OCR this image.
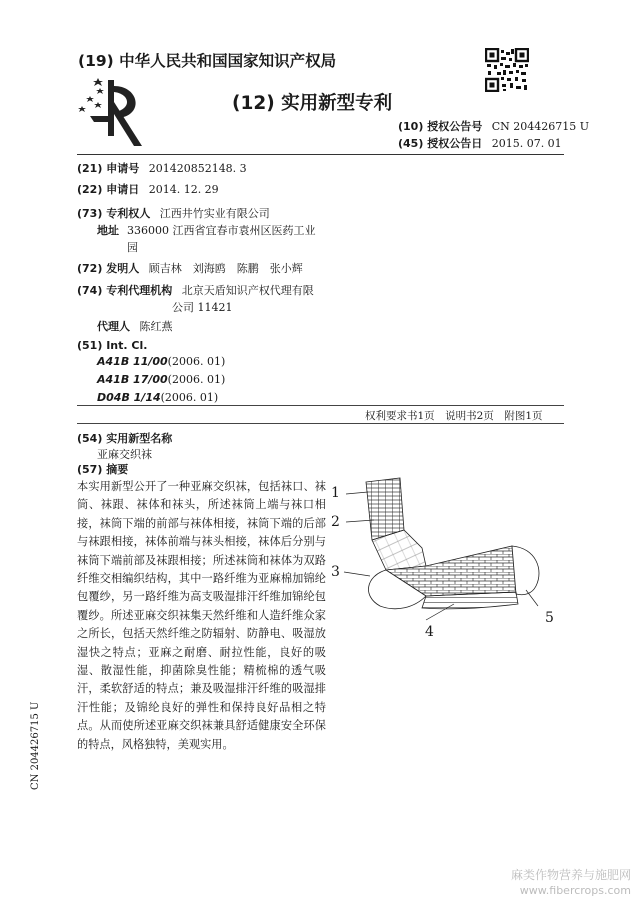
(19) 中华人民共和国国家知识产权局
(12) 实用新型专利
(10) 授权公告号 CN 204426715 U
(45) 授权公告日 2015. 07. 01
(21) 申请号 201420852148. 3
(22) 申请日 2014. 12. 29
(73) 专利权人 江西井竹实业有限公司
地址 336000 江西省宜春市袁州区医药工业
园
(72) 发明人 顾吉林　刘海鸥　陈鹏　张小辉
(74) 专利代理机构 北京天盾知识产权代理有限
公司 11421
代理人 陈红燕
(51) Int. Cl.
A41B 11/00(2006. 01)
A41B 17/00(2006. 01)
D04B 1/14(2006. 01)
权利要求书1页　说明书2页　附图1页
(54) 实用新型名称
亚麻交织袜
(57) 摘要
本实用新型公开了一种亚麻交织袜，包括袜口、袜筒、袜跟、袜体和袜头，所述袜筒上端与袜口相接，袜筒下端的前部与袜体相接，袜筒下端的后部与袜跟相接，袜体前端与袜头相接，袜体后分别与袜筒下端前部及袜跟相接；所述袜筒和袜体为双路纤维交相编织结构，其中一路纤维为亚麻棉加锦纶包覆纱，另一路纤维为高支吸湿排汗纤维加锦纶包覆纱。所述亚麻交织袜集天然纤维和人造纤维众家之所长，包括天然纤维之防辐射、防静电、吸湿放湿快之特点；亚麻之耐磨、耐拉性能，良好的吸湿、散湿性能，抑菌除臭性能；精梳棉的透气吸汗，柔软舒适的特点；兼及吸湿排汗纤维的吸湿排汗性能；及锦纶良好的弹性和保持良好品相之特点。从而使所述亚麻交织袜兼具舒适健康安全环保的特点，风格独特，美观实用。
1
2
3
4
5
CN 204426715 U
麻类作物营养与施肥网
www.fibercrops.com
